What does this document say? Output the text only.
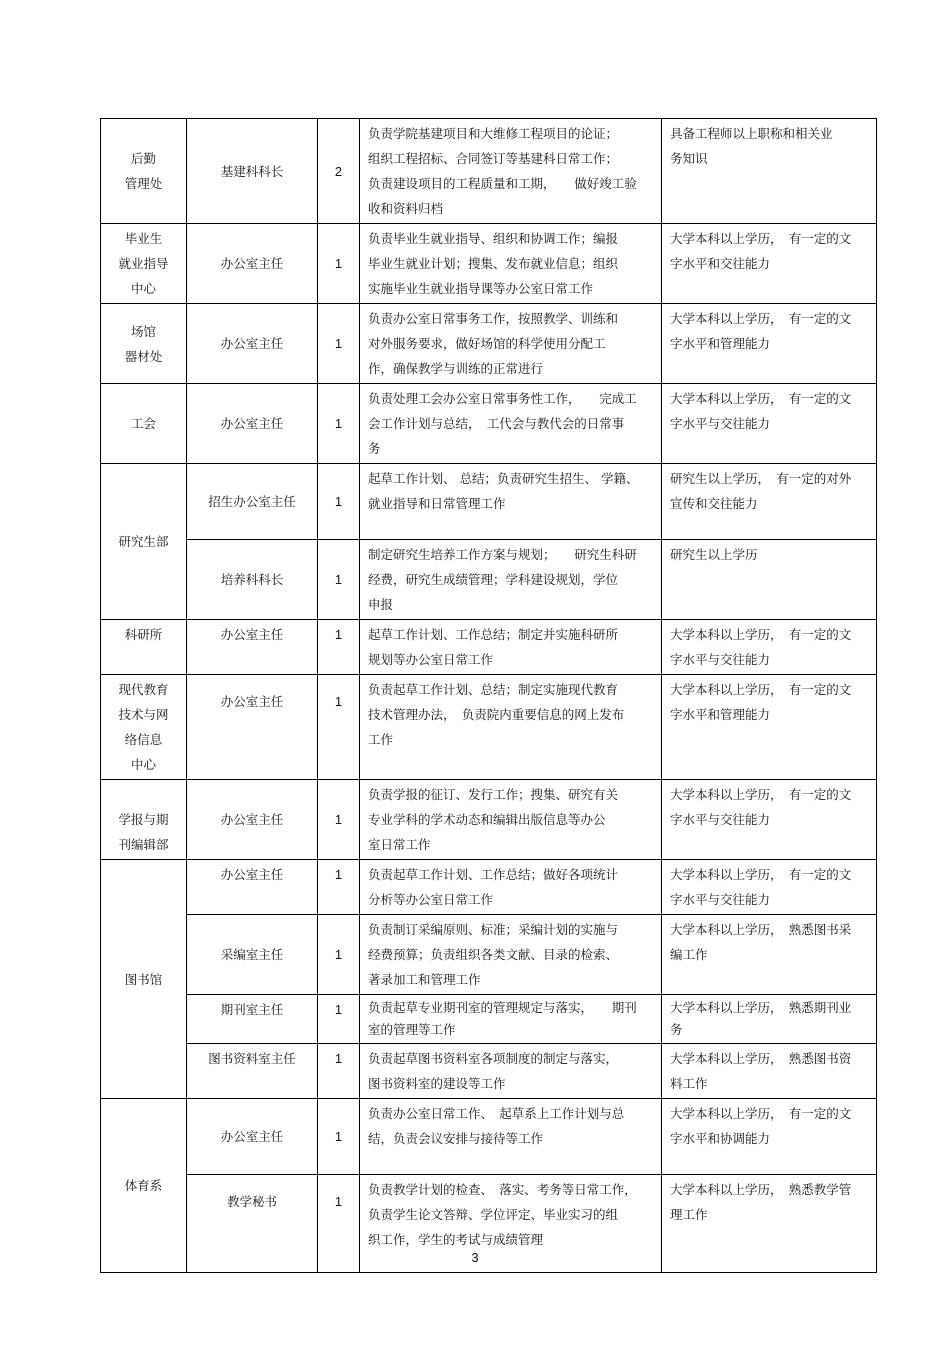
后勤
管理处	基建科科长	2	负责学院基建项目和大维修工程项目的论证；
组织工程招标、合同签订等基建科日常工作；
负责建设项目的工程质量和工期，　　做好竣工验
收和资料归档	具备工程师以上职称和相关业
务知识

毕业生
就业指导
中心	办公室主任	1	负责毕业生就业指导、组织和协调工作；编报
毕业生就业计划；搜集、发布就业信息；组织
实施毕业生就业指导课等办公室日常工作	大学本科以上学历，　有一定的文
字水平和交往能力

场馆
器材处	办公室主任	1	负责办公室日常事务工作，按照教学、训练和
对外服务要求，做好场馆的科学使用分配工
作，确保教学与训练的正常进行	大学本科以上学历，　有一定的文
字水平和管理能力

工会	办公室主任	1	负责处理工会办公室日常事务性工作，　　完成工
会工作计划与总结，　工代会与教代会的日常事
务	大学本科以上学历，　有一定的文
字水平与交往能力

研究生部	招生办公室主任	1	起草工作计划、 总结；负责研究生招生、 学籍、
就业指导和日常管理工作	研究生以上学历，　有一定的对外
宣传和交往能力

	培养科科长	1	制定研究生培养工作方案与规划；　　研究生科研
经费，研究生成绩管理；学科建设规划，学位
申报	研究生以上学历

科研所	办公室主任	1	起草工作计划、工作总结；制定并实施科研所
规划等办公室日常工作	大学本科以上学历，　有一定的文
字水平与交往能力

现代教育
技术与网
络信息
中心	办公室主任	1	负责起草工作计划、总结；制定实施现代教育
技术管理办法，　负责院内重要信息的网上发布
工作	大学本科以上学历，　有一定的文
字水平和管理能力

学报与期
刊编辑部	办公室主任	1	负责学报的征订、发行工作；搜集、研究有关
专业学科的学术动态和编辑出版信息等办公
室日常工作	大学本科以上学历，　有一定的文
字水平与交往能力

图书馆	办公室主任	1	负责起草工作计划、工作总结；做好各项统计
分析等办公室日常工作	大学本科以上学历，　有一定的文
字水平与交往能力

	采编室主任	1	负责制订采编原则、标准；采编计划的实施与
经费预算；负责组织各类文献、目录的检索、
著录加工和管理工作	大学本科以上学历，　熟悉图书采
编工作

	期刊室主任	1	负责起草专业期刊室的管理规定与落实，　　期刊
室的管理等工作	大学本科以上学历，　熟悉期刊业
务

	图书资料室主任	1	负责起草图书资料室各项制度的制定与落实，
图书资料室的建设等工作	大学本科以上学历，　熟悉图书资
料工作

体育系	办公室主任	1	负责办公室日常工作、　起草系上工作计划与总
结，负责会议安排与接待等工作	大学本科以上学历，　有一定的文
字水平和协调能力

	教学秘书	1	负责教学计划的检查、　落实、考务等日常工作，
负责学生论文答辩、学位评定、毕业实习的组
织工作，学生的考试与成绩管理	大学本科以上学历，　熟悉教学管
理工作
3
